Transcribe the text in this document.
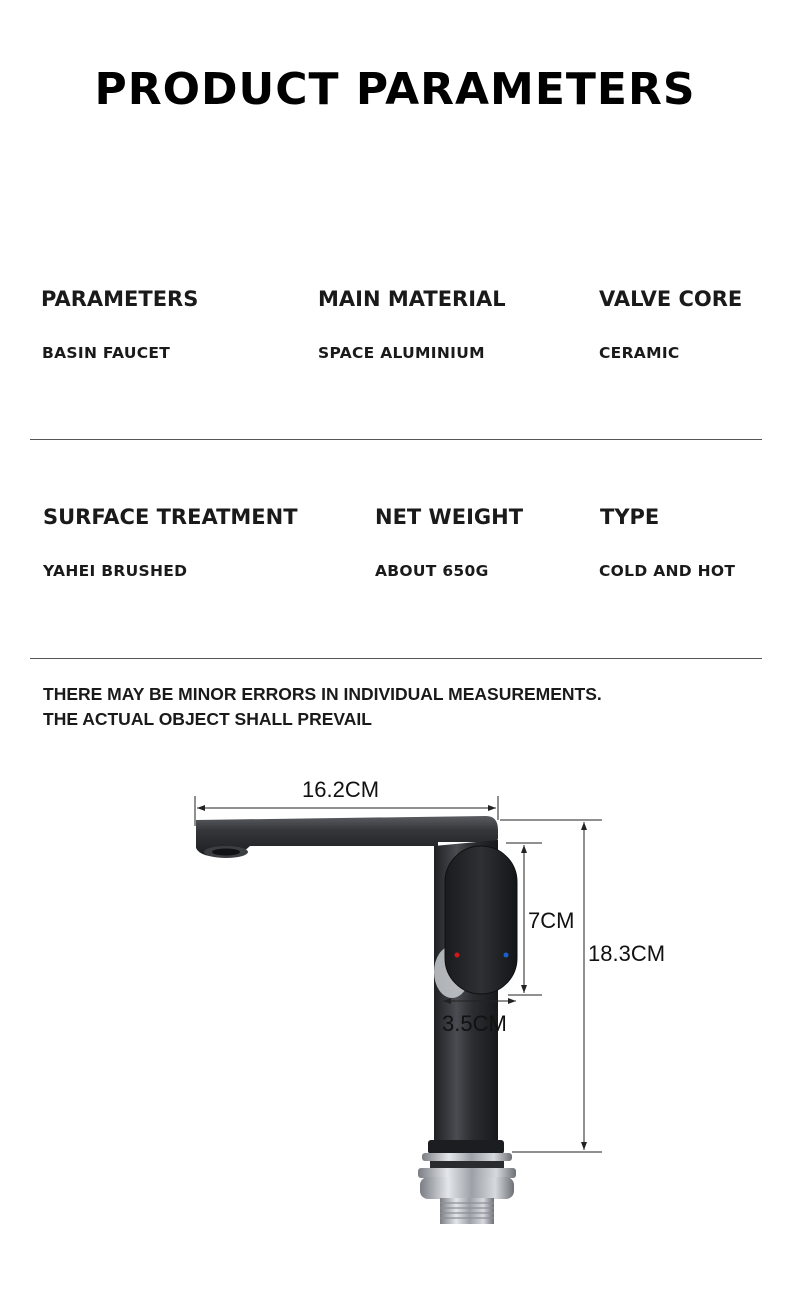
PRODUCT PARAMETERS
PARAMETERS
BASIN FAUCET
MAIN MATERIAL
SPACE ALUMINIUM
VALVE CORE
CERAMIC
SURFACE TREATMENT
YAHEI BRUSHED
NET WEIGHT
ABOUT 650G
TYPE
COLD AND HOT
THERE MAY BE MINOR ERRORS IN INDIVIDUAL MEASUREMENTS.
THE ACTUAL OBJECT SHALL PREVAIL
16.2CM
7CM
18.3CM
3.5CM
